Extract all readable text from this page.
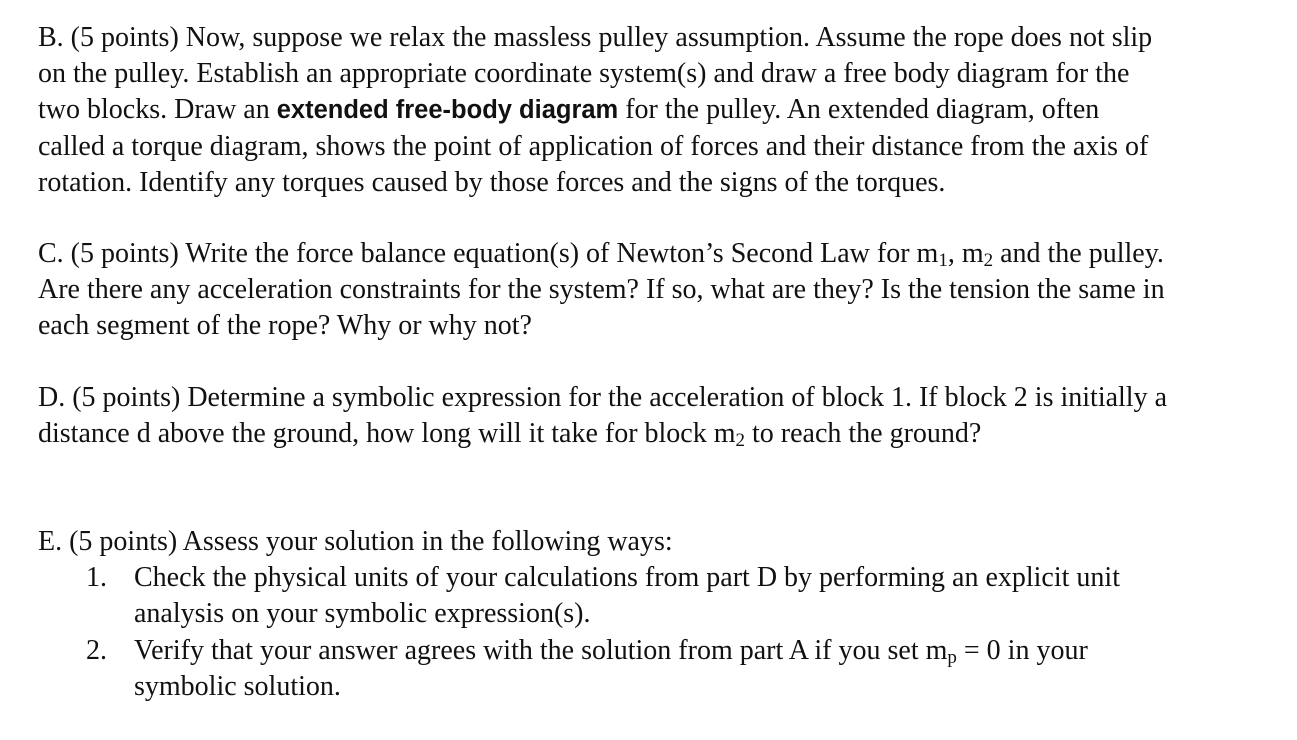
B. (5 points) Now, suppose we relax the massless pulley assumption. Assume the rope does not slip
on the pulley. Establish an appropriate coordinate system(s) and draw a free body diagram for the
two blocks. Draw an extended free-body diagram for the pulley. An extended diagram, often
called a torque diagram, shows the point of application of forces and their distance from the axis of
rotation. Identify any torques caused by those forces and the signs of the torques.

C. (5 points) Write the force balance equation(s) of Newton’s Second Law for $m_1$, $m_2$ and the pulley.
Are there any acceleration constraints for the system? If so, what are they? Is the tension the same in
each segment of the rope? Why or why not?

D. (5 points) Determine a symbolic expression for the acceleration of block 1. If block 2 is initially a
distance d above the ground, how long will it take for block $m_2$ to reach the ground?

E. (5 points) Assess your solution in the following ways:

1. Check the physical units of your calculations from part D by performing an explicit unit
analysis on your symbolic expression(s).
2. Verify that your answer agrees with the solution from part A if you set $m_p = 0$ in your
symbolic solution.
